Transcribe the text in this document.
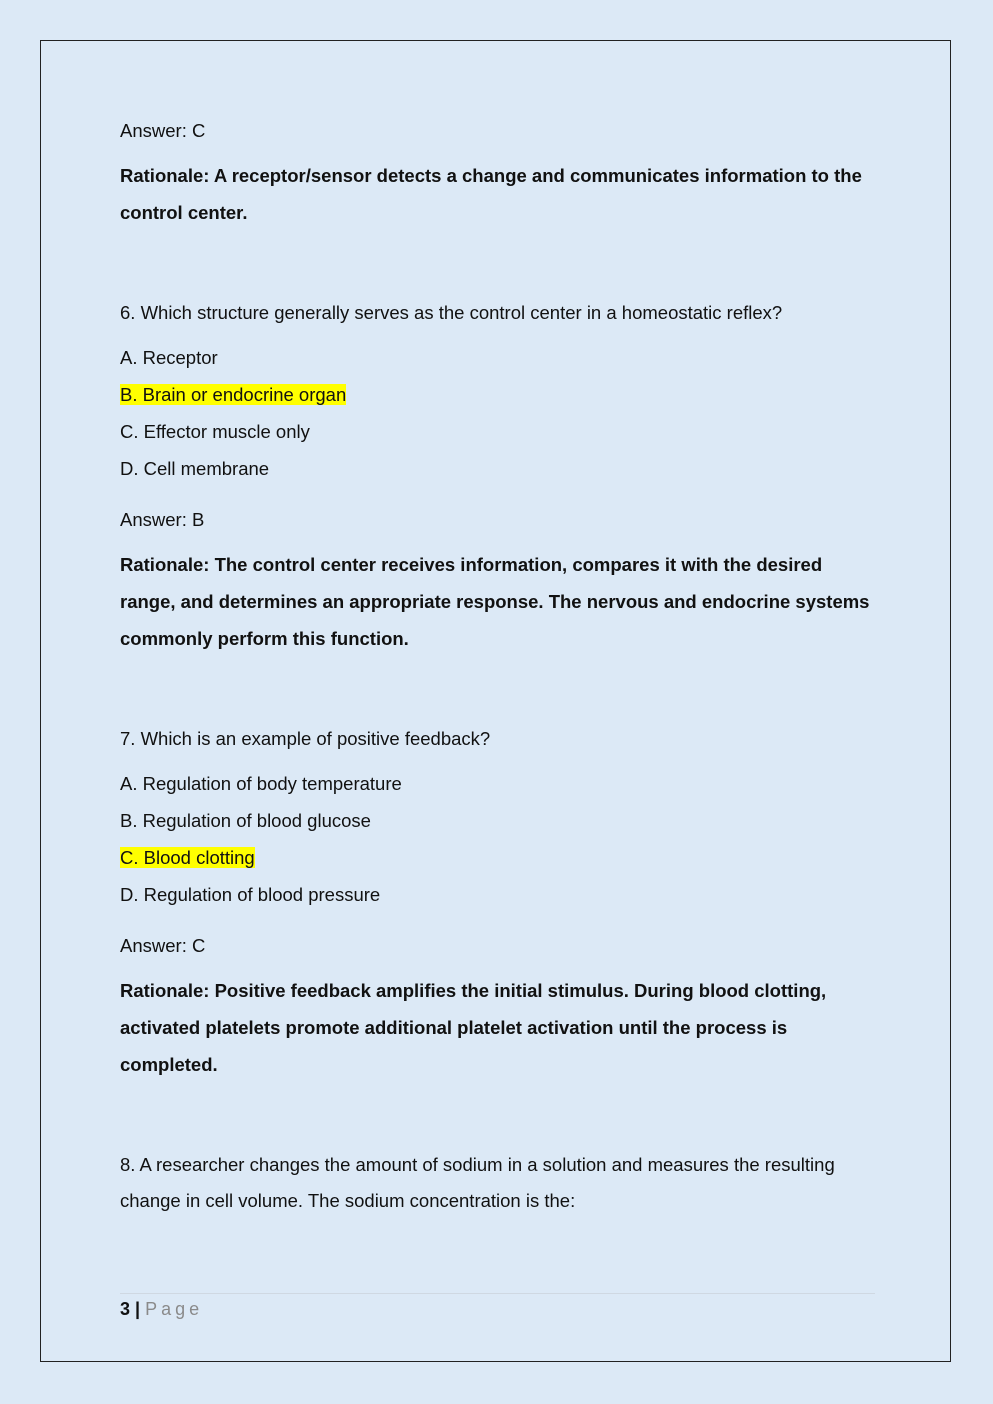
Answer: C

Rationale: A receptor/sensor detects a change and communicates information to the control center.

6. Which structure generally serves as the control center in a homeostatic reflex?

A. Receptor

B. Brain or endocrine organ

C. Effector muscle only

D. Cell membrane

Answer: B

Rationale: The control center receives information, compares it with the desired range, and determines an appropriate response. The nervous and endocrine systems commonly perform this function.

7. Which is an example of positive feedback?

A. Regulation of body temperature

B. Regulation of blood glucose

C. Blood clotting

D. Regulation of blood pressure

Answer: C

Rationale: Positive feedback amplifies the initial stimulus. During blood clotting, activated platelets promote additional platelet activation until the process is completed.

8. A researcher changes the amount of sodium in a solution and measures the resulting change in cell volume. The sodium concentration is the:

3 | Page
